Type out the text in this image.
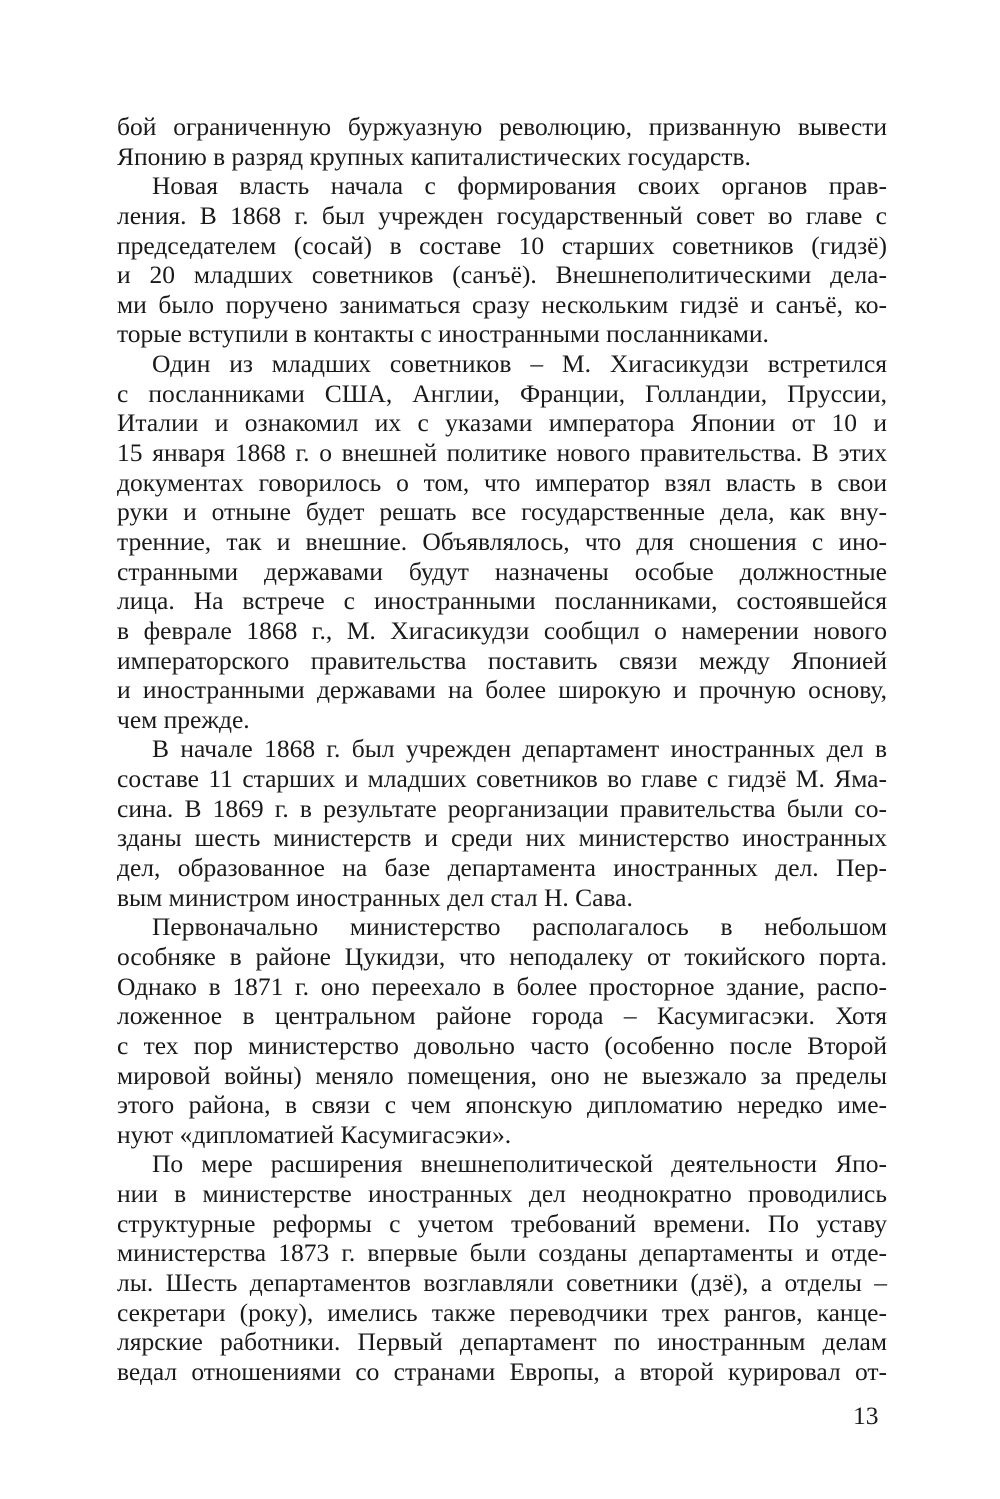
бой ограниченную буржуазную революцию, призванную вывести
Японию в разряд крупных капиталистических государств.
Новая власть начала с формирования своих органов прав-
ления. В 1868 г. был учрежден государственный совет во главе с
председателем (сосай) в составе 10 старших советников (гидзё)
и 20 младших советников (санъё). Внешнеполитическими дела-
ми было поручено заниматься сразу нескольким гидзё и санъё, ко-
торые вступили в контакты с иностранными посланниками.
Один из младших советников – М. Хигасикудзи встретился
с посланниками США, Англии, Франции, Голландии, Пруссии,
Италии и ознакомил их с указами императора Японии от 10 и
15 января 1868 г. о внешней политике нового правительства. В этих
документах говорилось о том, что император взял власть в свои
руки и отныне будет решать все государственные дела, как вну-
тренние, так и внешние. Объявлялось, что для сношения с ино-
странными державами будут назначены особые должностные
лица. На встрече с иностранными посланниками, состоявшейся
в феврале 1868 г., М. Хигасикудзи сообщил о намерении нового
императорского правительства поставить связи между Японией
и иностранными державами на более широкую и прочную основу,
чем прежде.
В начале 1868 г. был учрежден департамент иностранных дел в
составе 11 старших и младших советников во главе с гидзё М. Яма-
сина. В 1869 г. в результате реорганизации правительства были со-
зданы шесть министерств и среди них министерство иностранных
дел, образованное на базе департамента иностранных дел. Пер-
вым министром иностранных дел стал Н. Сава.
Первоначально министерство располагалось в небольшом
особняке в районе Цукидзи, что неподалеку от токийского порта.
Однако в 1871 г. оно переехало в более просторное здание, распо-
ложенное в центральном районе города – Касумигасэки. Хотя
с тех пор министерство довольно часто (особенно после Второй
мировой войны) меняло помещения, оно не выезжало за пределы
этого района, в связи с чем японскую дипломатию нередко име-
нуют «дипломатией Касумигасэки».
По мере расширения внешнеполитической деятельности Япо-
нии в министерстве иностранных дел неоднократно проводились
структурные реформы с учетом требований времени. По уставу
министерства 1873 г. впервые были созданы департаменты и отде-
лы. Шесть департаментов возглавляли советники (дзё), а отделы –
секретари (року), имелись также переводчики трех рангов, канце-
лярские работники. Первый департамент по иностранным делам
ведал отношениями со странами Европы, а второй курировал от-
13
